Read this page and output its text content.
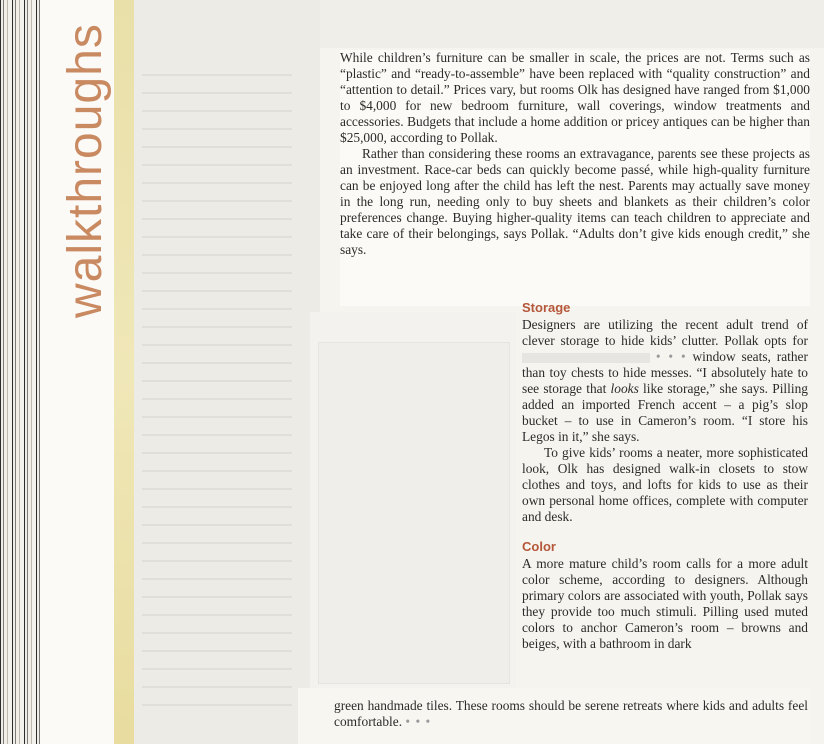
walkthroughs	While children’s furniture can be smaller in scale, the prices are not. Terms such as “plastic” and “ready-to-assemble” have been replaced with “quality construction” and “attention to detail.” Prices vary, but rooms Olk has designed have ranged from $1,000 to $4,000 for new bedroom furniture, wall coverings, window treatments and accessories. Budgets that include a home addition or pricey antiques can be higher than $25,000, according to Pollak.

Rather than considering these rooms an extravagance, parents see these projects as an investment. Race-car beds can quickly become passé, while high-quality furniture can be enjoyed long after the child has left the nest. Parents may actually save money in the long run, needing only to buy sheets and blankets as their children’s color preferences change. Buying higher-quality items can teach children to appreciate and take care of their belongings, says Pollak. “Adults don’t give kids enough credit,” she says.

Storage

Designers are utilizing the recent adult trend of clever storage to hide kids’ clutter. Pollak opts for  • • • window seats, rather than toy chests to hide messes. “I absolutely hate to see storage that looks like storage,” she says. Pilling added an imported French accent – a pig’s slop bucket – to use in Cameron’s room. “I store his Legos in it,” she says.

To give kids’ rooms a neater, more sophisticated look, Olk has designed walk-in closets to stow clothes and toys, and lofts for kids to use as their own personal home offices, complete with computer and desk.

Color

A more mature child’s room calls for a more adult color scheme, according to designers. Although primary colors are associated with youth, Pollak says they provide too much stimuli. Pilling used muted colors to anchor Cameron’s room – browns and beiges, with a bathroom in dark

green handmade tiles. These rooms should be serene retreats where kids and adults feel comfortable. • • •
